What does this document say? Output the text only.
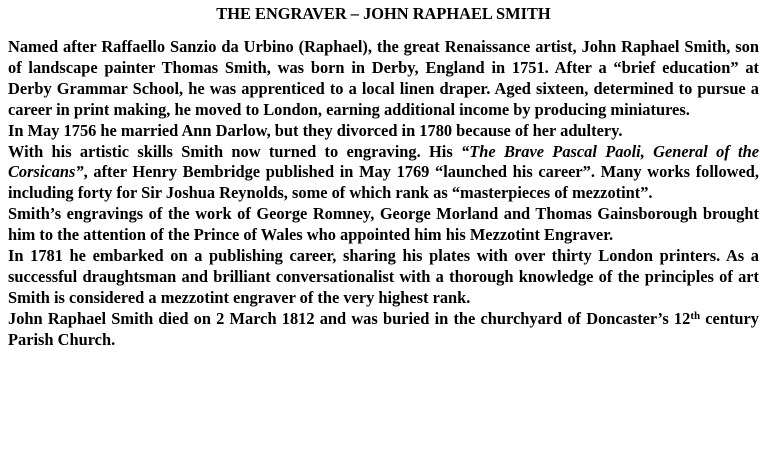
THE ENGRAVER – JOHN RAPHAEL SMITH

Named after Raffaello Sanzio da Urbino (Raphael), the great Renaissance artist, John Raphael Smith, son of landscape painter Thomas Smith, was born in Derby, England in 1751. After a “brief education” at Derby Grammar School, he was apprenticed to a local linen draper. Aged sixteen, determined to pursue a career in print making, he moved to London, earning additional income by producing miniatures.

In May 1756 he married Ann Darlow, but they divorced in 1780 because of her adultery.

With his artistic skills Smith now turned to engraving. His “The Brave Pascal Paoli, General of the Corsicans”, after Henry Bembridge published in May 1769 “launched his career”. Many works followed, including forty for Sir Joshua Reynolds, some of which rank as “masterpieces of mezzotint”.

Smith’s engravings of the work of George Romney, George Morland and Thomas Gainsborough brought him to the attention of the Prince of Wales who appointed him his Mezzotint Engraver.

In 1781 he embarked on a publishing career, sharing his plates with over thirty London printers. As a successful draughtsman and brilliant conversationalist with a thorough knowledge of the principles of art Smith is considered a mezzotint engraver of the very highest rank.

John Raphael Smith died on 2 March 1812 and was buried in the churchyard of Doncaster’s 12th century Parish Church.
